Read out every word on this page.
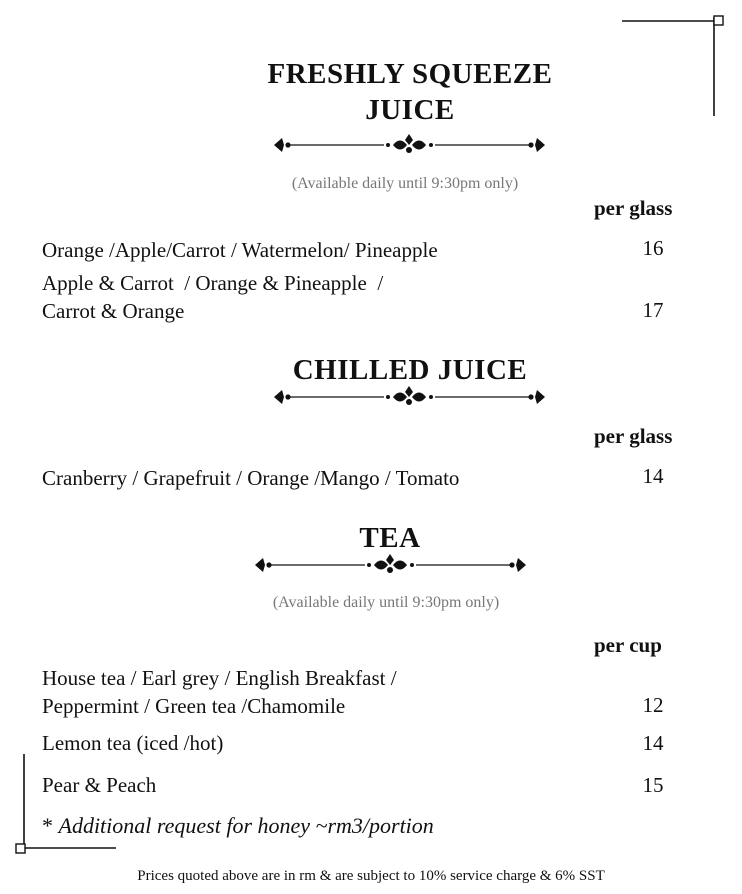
FRESHLY SQUEEZE
JUICE
(Available daily until 9:30pm only)
per glass
Orange /Apple/Carrot / Watermelon/ Pineapple	16
Apple & Carrot  / Orange & Pineapple  /
Carrot & Orange	17
CHILLED JUICE
per glass
Cranberry / Grapefruit / Orange /Mango / Tomato	14
TEA
(Available daily until 9:30pm only)
per cup
House tea / Earl grey / English Breakfast /
Peppermint / Green tea /Chamomile	12
Lemon tea (iced /hot)	14
Pear & Peach	15
* Additional request for honey ~rm3/portion
Prices quoted above are in rm & are subject to 10% service charge & 6% SST
